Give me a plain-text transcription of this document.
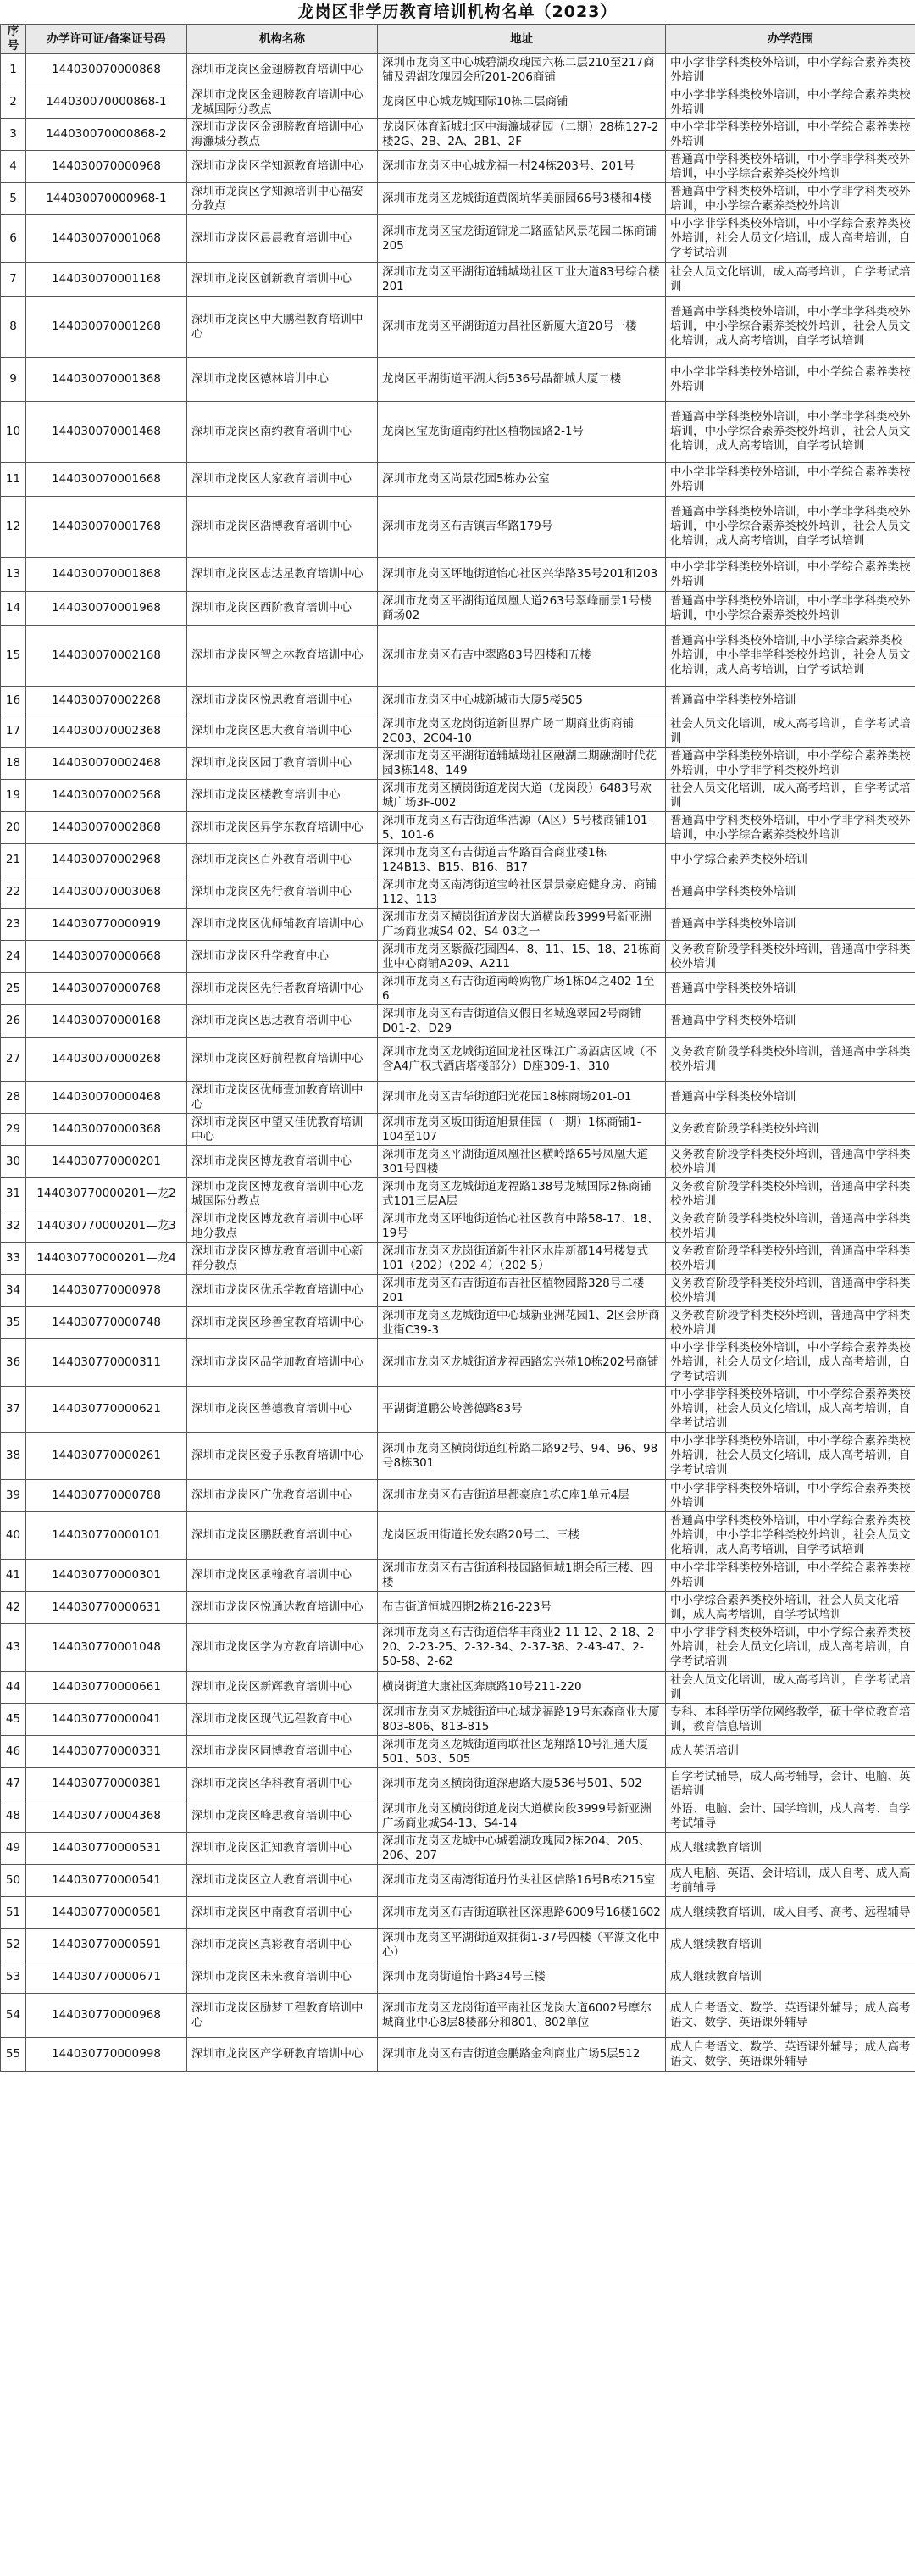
龙岗区非学历教育培训机构名单（2023）
序号	办学许可证/备案证号码	机构名称	地址	办学范围
1	144030070000868	深圳市龙岗区金翅膀教育培训中心	深圳市龙岗区中心城碧湖玫瑰园六栋二层210至217商铺及碧湖玫瑰园会所201-206商铺	中小学非学科类校外培训，中小学综合素养类校外培训
2	144030070000868-1	深圳市龙岗区金翅膀教育培训中心龙城国际分教点	龙岗区中心城龙城国际10栋二层商铺	中小学非学科类校外培训，中小学综合素养类校外培训
3	144030070000868-2	深圳市龙岗区金翅膀教育培训中心海濂城分教点	龙岗区体育新城北区中海濂城花园（二期）28栋127-2楼2G、2B、2A、2B1、2F	中小学非学科类校外培训，中小学综合素养类校外培训
4	144030070000968	深圳市龙岗区学知源教育培训中心	深圳市龙岗区中心城龙福一村24栋203号、201号	普通高中学科类校外培训，中小学非学科类校外培训，中小学综合素养类校外培训
5	144030070000968-1	深圳市龙岗区学知源培训中心福安分教点	深圳市龙岗区龙城街道黄阁坑华美丽园66号3楼和4楼	普通高中学科类校外培训，中小学非学科类校外培训，中小学综合素养类校外培训
6	144030070001068	深圳市龙岗区晨晨教育培训中心	深圳市龙岗区宝龙街道锦龙二路蓝钻风景花园二栋商铺205	中小学非学科类校外培训，中小学综合素养类校外培训，社会人员文化培训，成人高考培训，自学考试培训
7	144030070001168	深圳市龙岗区创新教育培训中心	深圳市龙岗区平湖街道辅城坳社区工业大道83号综合楼201	社会人员文化培训，成人高考培训，自学考试培训
8	144030070001268	深圳市龙岗区中大鹏程教育培训中心	深圳市龙岗区平湖街道力昌社区新厦大道20号一楼	普通高中学科类校外培训，中小学非学科类校外培训，中小学综合素养类校外培训，社会人员文化培训，成人高考培训，自学考试培训
9	144030070001368	深圳市龙岗区德林培训中心	龙岗区平湖街道平湖大街536号晶都城大厦二楼	中小学非学科类校外培训，中小学综合素养类校外培训
10	144030070001468	深圳市龙岗区南约教育培训中心	龙岗区宝龙街道南约社区植物园路2-1号	普通高中学科类校外培训，中小学非学科类校外培训，中小学综合素养类校外培训，社会人员文化培训，成人高考培训，自学考试培训
11	144030070001668	深圳市龙岗区大家教育培训中心	深圳市龙岗区尚景花园5栋办公室	中小学非学科类校外培训，中小学综合素养类校外培训
12	144030070001768	深圳市龙岗区浩博教育培训中心	深圳市龙岗区布吉镇吉华路179号	普通高中学科类校外培训，中小学非学科类校外培训，中小学综合素养类校外培训，社会人员文化培训，成人高考培训，自学考试培训
13	144030070001868	深圳市龙岗区志达星教育培训中心	深圳市龙岗区坪地街道怡心社区兴华路35号201和203	中小学非学科类校外培训，中小学综合素养类校外培训
14	144030070001968	深圳市龙岗区西阶教育培训中心	深圳市龙岗区平湖街道凤凰大道263号翠峰丽景1号楼商场02	普通高中学科类校外培训，中小学非学科类校外培训，中小学综合素养类校外培训
15	144030070002168	深圳市龙岗区智之林教育培训中心	深圳市龙岗区布吉中翠路83号四楼和五楼	普通高中学科类校外培训,中小学综合素养类校外培训，中小学非学科类校外培训，社会人员文化培训，成人高考培训，自学考试培训
16	144030070002268	深圳市龙岗区悦思教育培训中心	深圳市龙岗区中心城新城市大厦5楼505	普通高中学科类校外培训
17	144030070002368	深圳市龙岗区思大教育培训中心	深圳市龙岗区龙岗街道新世界广场二期商业街商铺2C03、2C04-10	社会人员文化培训，成人高考培训，自学考试培训
18	144030070002468	深圳市龙岗区园丁教育培训中心	深圳市龙岗区平湖街道辅城坳社区融湖二期融湖时代花园3栋148、149	普通高中学科类校外培训，中小学综合素养类校外培训，中小学非学科类校外培训
19	144030070002568	深圳市龙岗区楼教育培训中心	深圳市龙岗区横岗街道龙岗大道（龙岗段）6483号欢城广场3F-002	社会人员文化培训，成人高考培训，自学考试培训
20	144030070002868	深圳市龙岗区昇学东教育培训中心	深圳市龙岗区布吉街道华浩源（A区）5号楼商铺101-5、101-6	普通高中学科类校外培训，中小学非学科类校外培训，中小学综合素养类校外培训
21	144030070002968	深圳市龙岗区百外教育培训中心	深圳市龙岗区布吉街道吉华路百合商业楼1栋124B13、B15、B16、B17	中小学综合素养类校外培训
22	144030070003068	深圳市龙岗区先行教育培训中心	深圳市龙岗区南湾街道宝岭社区景景豪庭健身房、商铺112、113	普通高中学科类校外培训
23	144030770000919	深圳市龙岗区优师辅教育培训中心	深圳市龙岗区横岗街道龙岗大道横岗段3999号新亚洲广场商业城S4-02、S4-03之一	普通高中学科类校外培训
24	144030070000668	深圳市龙岗区升学教育中心	深圳市龙岗区紫薇花园四4、8、11、15、18、21栋商业中心商铺A209、A211	义务教育阶段学科类校外培训，普通高中学科类校外培训
25	144030070000768	深圳市龙岗区先行者教育培训中心	深圳市龙岗区布吉街道南岭购物广场1栋04之402-1至6	普通高中学科类校外培训
26	144030070000168	深圳市龙岗区思达教育培训中心	深圳市龙岗区布吉街道信义假日名城逸翠园2号商铺D01-2、D29	普通高中学科类校外培训
27	144030070000268	深圳市龙岗区好前程教育培训中心	深圳市龙岗区龙城街道回龙社区珠江广场酒店区域（不含A4广权式酒店塔楼部分）D座309-1、310	义务教育阶段学科类校外培训，普通高中学科类校外培训
28	144030070000468	深圳市龙岗区优师壹加教育培训中心	深圳市龙岗区吉华街道阳光花园18栋商场201-01	普通高中学科类校外培训
29	144030070000368	深圳市龙岗区中望又佳优教育培训中心	深圳市龙岗区坂田街道旭景佳园（一期）1栋商铺1-104至107	义务教育阶段学科类校外培训
30	144030770000201	深圳市龙岗区博龙教育培训中心	深圳市龙岗区平湖街道凤凰社区横岭路65号凤凰大道301号四楼	义务教育阶段学科类校外培训，普通高中学科类校外培训
31	144030770000201—龙2	深圳市龙岗区博龙教育培训中心龙城国际分教点	深圳市龙岗区龙城街道龙福路138号龙城国际2栋商铺式101三层A层	义务教育阶段学科类校外培训，普通高中学科类校外培训
32	144030770000201—龙3	深圳市龙岗区博龙教育培训中心坪地分教点	深圳市龙岗区坪地街道怡心社区教育中路58-17、18、19号	义务教育阶段学科类校外培训，普通高中学科类校外培训
33	144030770000201—龙4	深圳市龙岗区博龙教育培训中心新祥分教点	深圳市龙岗区龙岗街道新生社区水岸新都14号楼复式101（202）（202-4）（202-5）	义务教育阶段学科类校外培训，普通高中学科类校外培训
34	144030770000978	深圳市龙岗区优乐学教育培训中心	深圳市龙岗区布吉街道布吉社区植物园路328号二楼201	义务教育阶段学科类校外培训，普通高中学科类校外培训
35	144030770000748	深圳市龙岗区珍善宝教育培训中心	深圳市龙岗区龙城街道中心城新亚洲花园1、2区会所商业街C39-3	义务教育阶段学科类校外培训，普通高中学科类校外培训
36	144030770000311	深圳市龙岗区品学加教育培训中心	深圳市龙岗区龙城街道龙福西路宏兴苑10栋202号商铺	中小学非学科类校外培训，中小学综合素养类校外培训，社会人员文化培训，成人高考培训，自学考试培训
37	144030770000621	深圳市龙岗区善德教育培训中心	平湖街道鹏公岭善德路83号	中小学非学科类校外培训，中小学综合素养类校外培训，社会人员文化培训，成人高考培训，自学考试培训
38	144030770000261	深圳市龙岗区爱子乐教育培训中心	深圳市龙岗区横岗街道红棉路二路92号、94、96、98号8栋301	中小学非学科类校外培训，中小学综合素养类校外培训，社会人员文化培训，成人高考培训，自学考试培训
39	144030770000788	深圳市龙岗区广优教育培训中心	深圳市龙岗区布吉街道星都豪庭1栋C座1单元4层	中小学非学科类校外培训，中小学综合素养类校外培训
40	144030770000101	深圳市龙岗区鹏跃教育培训中心	龙岗区坂田街道长发东路20号二、三楼	普通高中学科类校外培训，中小学综合素养类校外培训，中小学非学科类校外培训，社会人员文化培训，成人高考培训，自学考试培训
41	144030770000301	深圳市龙岗区承翰教育培训中心	深圳市龙岗区布吉街道科技园路恒城1期会所三楼、四楼	中小学非学科类校外培训，中小学综合素养类校外培训
42	144030770000631	深圳市龙岗区悦通达教育培训中心	布吉街道恒城四期2栋216-223号	中小学综合素养类校外培训，社会人员文化培训，成人高考培训，自学考试培训
43	144030770001048	深圳市龙岗区学为方教育培训中心	深圳市龙岗区布吉街道信华丰商业2-11-12、2-18、2-20、2-23-25、2-32-34、2-37-38、2-43-47、2-50-58、2-62	中小学非学科类校外培训，中小学综合素养类校外培训，社会人员文化培训，成人高考培训，自学考试培训
44	144030770000661	深圳市龙岗区新辉教育培训中心	横岗街道大康社区奔康路10号211-220	社会人员文化培训，成人高考培训，自学考试培训
45	144030770000041	深圳市龙岗区现代远程教育中心	深圳市龙岗区龙城街道中心城龙福路19号东森商业大厦803-806、813-815	专科、本科学历学位网络教学，硕士学位教育培训，教育信息培训
46	144030770000331	深圳市龙岗区同博教育培训中心	深圳市龙岗区龙城街道南联社区龙翔路10号汇通大厦501、503、505	成人英语培训
47	144030770000381	深圳市龙岗区华科教育培训中心	深圳市龙岗区横岗街道深惠路大厦536号501、502	自学考试辅导，成人高考辅导，会计、电脑、英语培训
48	144030770004368	深圳市龙岗区峰思教育培训中心	深圳市龙岗区横岗街道龙岗大道横岗段3999号新亚洲广场商业城S4-13、S4-14	外语、电脑、会计、国学培训，成人高考、自学考试辅导
49	144030770000531	深圳市龙岗区汇知教育培训中心	深圳市龙岗区龙城中心城碧湖玫瑰园2栋204、205、206、207	成人继续教育培训
50	144030770000541	深圳市龙岗区立人教育培训中心	深圳市龙岗区南湾街道丹竹头社区信路16号B栋215室	成人电脑、英语、会计培训，成人自考、成人高考前辅导
51	144030770000581	深圳市龙岗区中南教育培训中心	深圳市龙岗区布吉街道联社区深惠路6009号16楼1602	成人继续教育培训，成人自考、高考、远程辅导
52	144030770000591	深圳市龙岗区真彩教育培训中心	深圳市龙岗区平湖街道双拥街1-37号四楼（平湖文化中心）	成人继续教育培训
53	144030770000671	深圳市龙岗区未来教育培训中心	深圳市龙岗街道怡丰路34号三楼	成人继续教育培训
54	144030770000968	深圳市龙岗区励梦工程教育培训中心	深圳市龙岗区龙岗街道平南社区龙岗大道6002号摩尔城商业中心8层8楼部分和801、802单位	成人自考语文、数学、英语课外辅导；成人高考语文、数学、英语课外辅导
55	144030770000998	深圳市龙岗区产学研教育培训中心	深圳市龙岗区布吉街道金鹏路金利商业广场5层512	成人自考语文、数学、英语课外辅导；成人高考语文、数学、英语课外辅导
